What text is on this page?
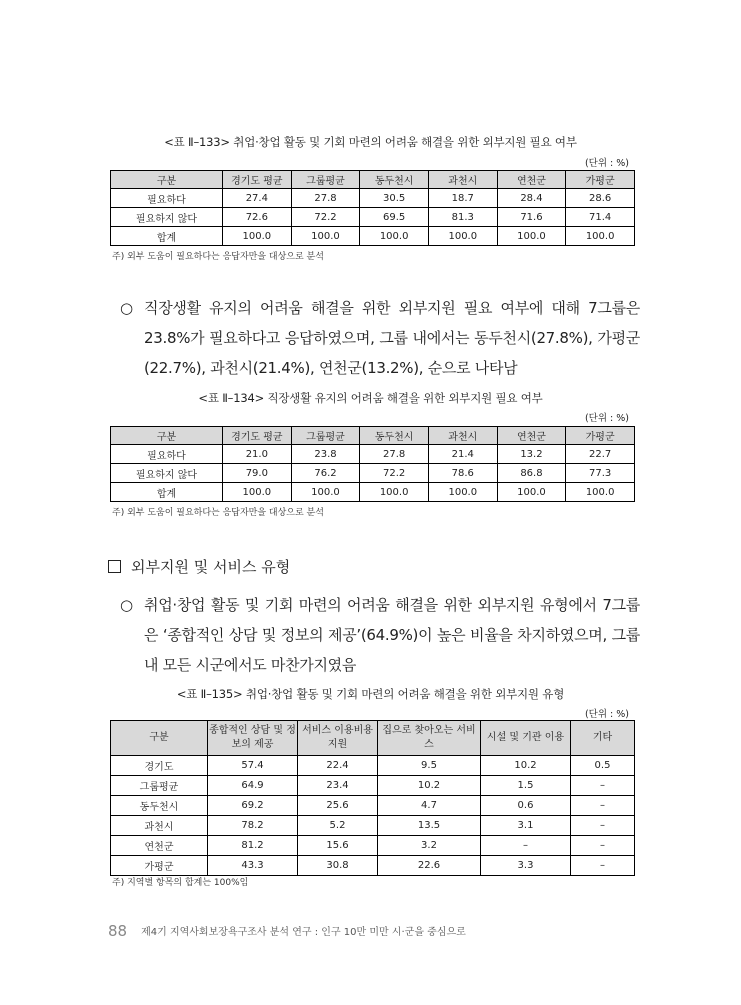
<표 Ⅱ–133> 취업·창업 활동 및 기회 마련의 어려움 해결을 위한 외부지원 필요 여부
(단위 : %)
구분	경기도 평균	그룹평균	동두천시	과천시	연천군	가평군
필요하다	27.4	27.8	30.5	18.7	28.4	28.6
필요하지 않다	72.6	72.2	69.5	81.3	71.6	71.4
합계	100.0	100.0	100.0	100.0	100.0	100.0
주) 외부 도움이 필요하다는 응답자만을 대상으로 분석
○ 직장생활 유지의 어려움 해결을 위한 외부지원 필요 여부에 대해 7그룹은 23.8%가 필요하다고 응답하였으며, 그룹 내에서는 동두천시(27.8%), 가평군(22.7%), 과천시(21.4%), 연천군(13.2%), 순으로 나타남
<표 Ⅱ–134> 직장생활 유지의 어려움 해결을 위한 외부지원 필요 여부
(단위 : %)
구분	경기도 평균	그룹평균	동두천시	과천시	연천군	가평군
필요하다	21.0	23.8	27.8	21.4	13.2	22.7
필요하지 않다	79.0	76.2	72.2	78.6	86.8	77.3
합계	100.0	100.0	100.0	100.0	100.0	100.0
주) 외부 도움이 필요하다는 응답자만을 대상으로 분석
외부지원 및 서비스 유형
○ 취업·창업 활동 및 기회 마련의 어려움 해결을 위한 외부지원 유형에서 7그룹은 ‘종합적인 상담 및 정보의 제공’(64.9%)이 높은 비율을 차지하였으며, 그룹 내 모든 시군에서도 마찬가지였음
<표 Ⅱ–135> 취업·창업 활동 및 기회 마련의 어려움 해결을 위한 외부지원 유형
(단위 : %)
구분	종합적인 상담 및 정보의 제공	서비스 이용비용 지원	집으로 찾아오는 서비스	시설 및 기관 이용	기타
경기도	57.4	22.4	9.5	10.2	0.5
그룹평균	64.9	23.4	10.2	1.5	–
동두천시	69.2	25.6	4.7	0.6	–
과천시	78.2	5.2	13.5	3.1	–
연천군	81.2	15.6	3.2	–	–
가평군	43.3	30.8	22.6	3.3	–
주) 지역별 항목의 합계는 100%임
88 제4기 지역사회보장욕구조사 분석 연구 : 인구 10만 미만 시·군을 중심으로
